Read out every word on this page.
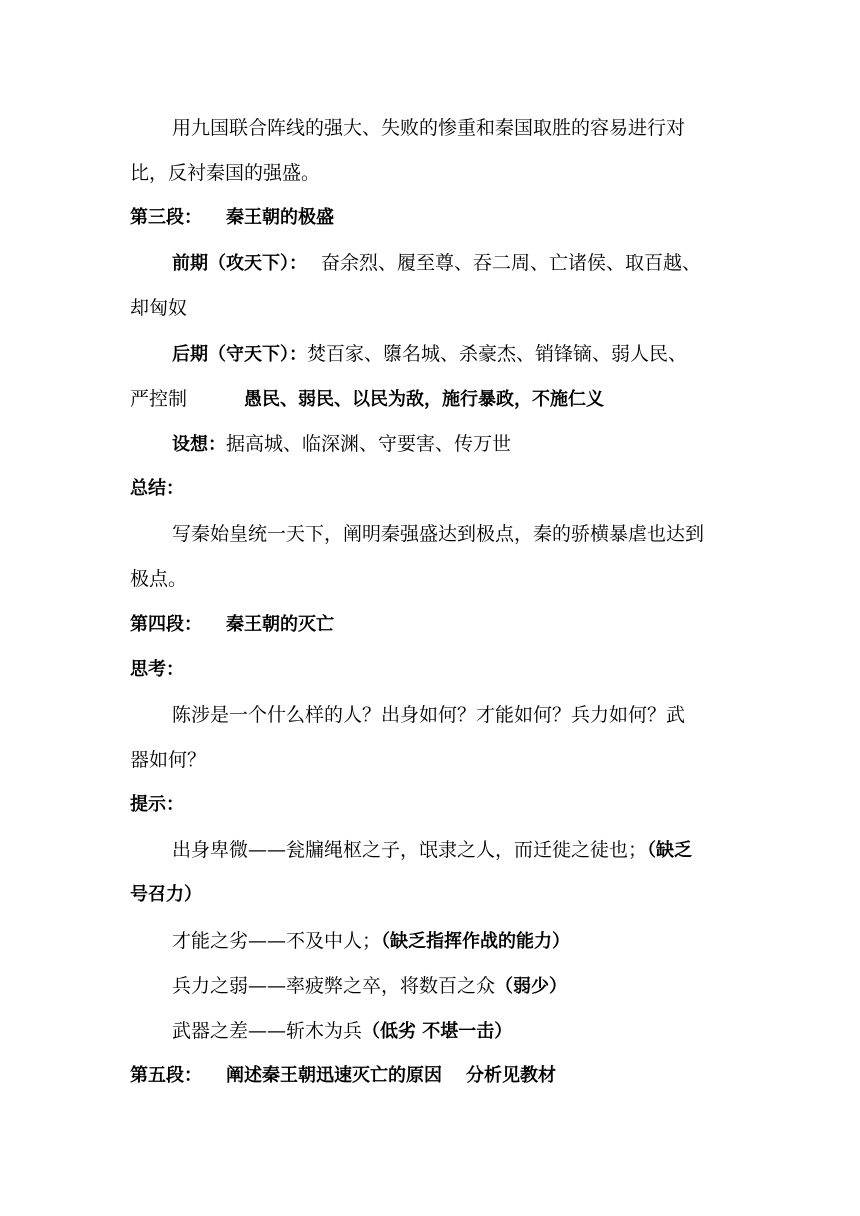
用九国联合阵线的强大、失败的惨重和秦国取胜的容易进行对
比，反衬秦国的强盛。
第三段： 秦王朝的极盛
前期（攻天下）： 奋余烈、履至尊、吞二周、亡诸侯、取百越、
却匈奴
后期（守天下）：焚百家、隳名城、杀豪杰、销锋镝、弱人民、
严控制	愚民、弱民、以民为敌，施行暴政，不施仁义
设想：据高城、临深渊、守要害、传万世
总结：
写秦始皇统一天下，阐明秦强盛达到极点，秦的骄横暴虐也达到
极点。
第四段： 秦王朝的灭亡
思考：
陈涉是一个什么样的人？出身如何？才能如何？兵力如何？武
器如何？
提示：
出身卑微——瓮牖绳枢之子，氓隶之人，而迁徙之徒也；（缺乏
号召力）
才能之劣——不及中人；（缺乏指挥作战的能力）
兵力之弱——率疲弊之卒，将数百之众（弱少）
武器之差——斩木为兵（低劣 不堪一击）
第五段： 阐述秦王朝迅速灭亡的原因 分析见教材
